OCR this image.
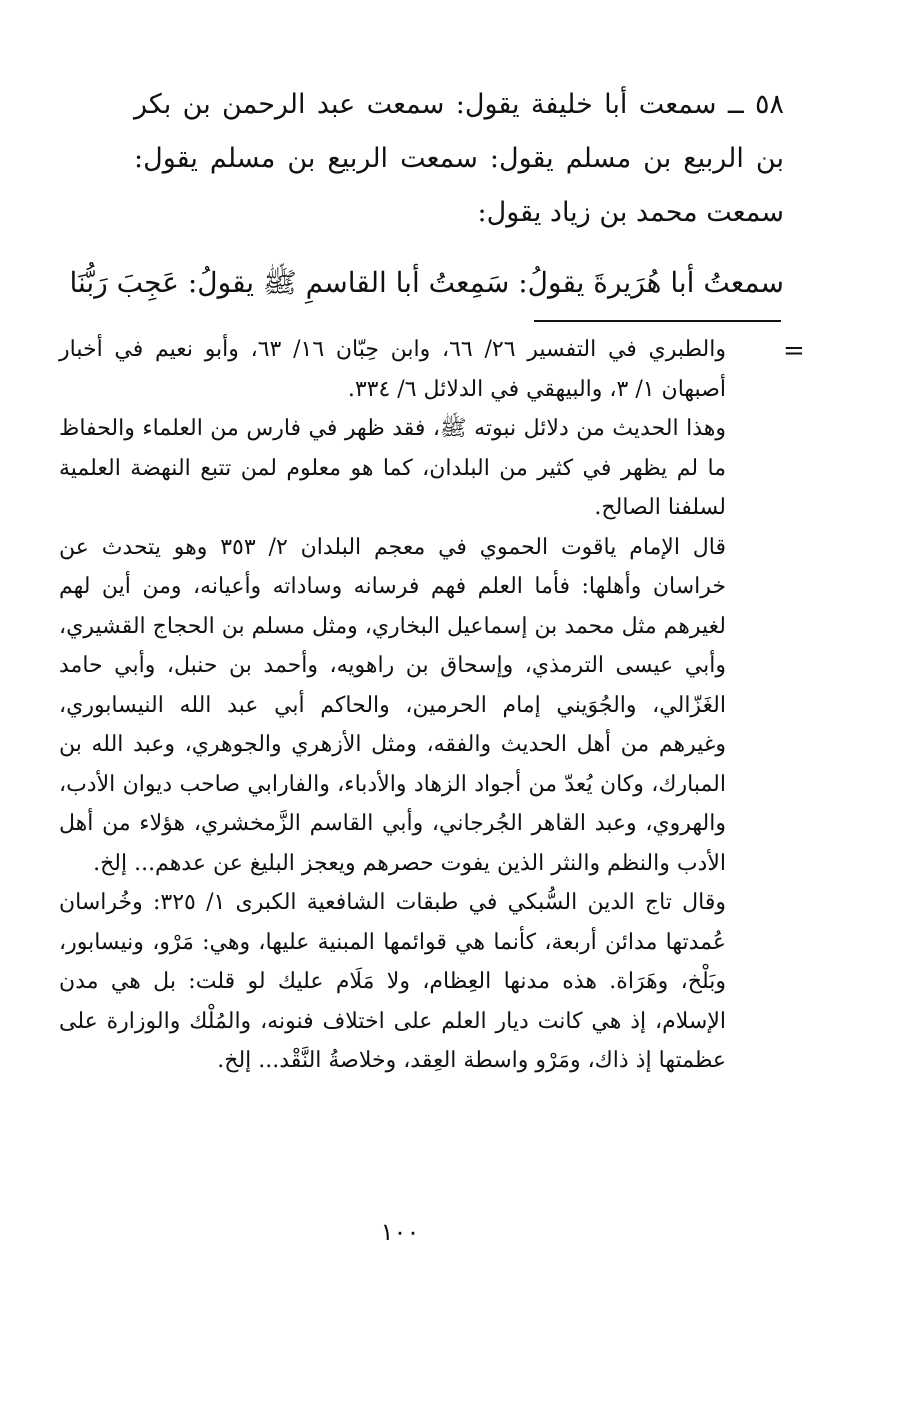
٥٨ ــ سمعت أبا خليفة يقول: سمعت عبد الرحمن بن بكر بن الربيع بن مسلم يقول: سمعت الربيع بن مسلم يقول: سمعت محمد بن زياد يقول:

سمعتُ أبا هُرَيرةَ يقولُ: سَمِعتُ أبا القاسمِ ﷺ يقولُ: عَجِبَ رَبُّنَا

=

والطبري في التفسير ٢٦/ ٦٦، وابن حِبّان ١٦/ ٦٣، وأبو نعيم في أخبار أصبهان ١/ ٣، والبيهقي في الدلائل ٦/ ٣٣٤.

وهذا الحديث من دلائل نبوته ﷺ، فقد ظهر في فارس من العلماء والحفاظ ما لم يظهر في كثير من البلدان، كما هو معلوم لمن تتبع النهضة العلمية لسلفنا الصالح.

قال الإمام ياقوت الحموي في معجم البلدان ٢/ ٣٥٣ وهو يتحدث عن خراسان وأهلها: فأما العلم فهم فرسانه وساداته وأعيانه، ومن أين لهم لغيرهم مثل محمد بن إسماعيل البخاري، ومثل مسلم بن الحجاج القشيري، وأبي عيسى الترمذي، وإسحاق بن راهويه، وأحمد بن حنبل، وأبي حامد الغَزّالي، والجُوَيني إمام الحرمين، والحاكم أبي عبد الله النيسابوري، وغيرهم من أهل الحديث والفقه، ومثل الأزهري والجوهري، وعبد الله بن المبارك، وكان يُعدّ من أجواد الزهاد والأدباء، والفارابي صاحب ديوان الأدب، والهروي، وعبد القاهر الجُرجاني، وأبي القاسم الزَّمخشري، هؤلاء من أهل الأدب والنظم والنثر الذين يفوت حصرهم ويعجز البليغ عن عدهم... إلخ.

وقال تاج الدين السُّبكي في طبقات الشافعية الكبرى ١/ ٣٢٥: وخُراسان عُمدتها مدائن أربعة، كأنما هي قوائمها المبنية عليها، وهي: مَرْو، ونيسابور، وبَلْخ، وهَرَاة. هذه مدنها العِظام، ولا مَلَام عليك لو قلت: بل هي مدن الإسلام، إذ هي كانت ديار العلم على اختلاف فنونه، والمُلْك والوزارة على عظمتها إذ ذاك، ومَرْو واسطة العِقد، وخلاصةُ النَّقْد... إلخ.

١٠٠
